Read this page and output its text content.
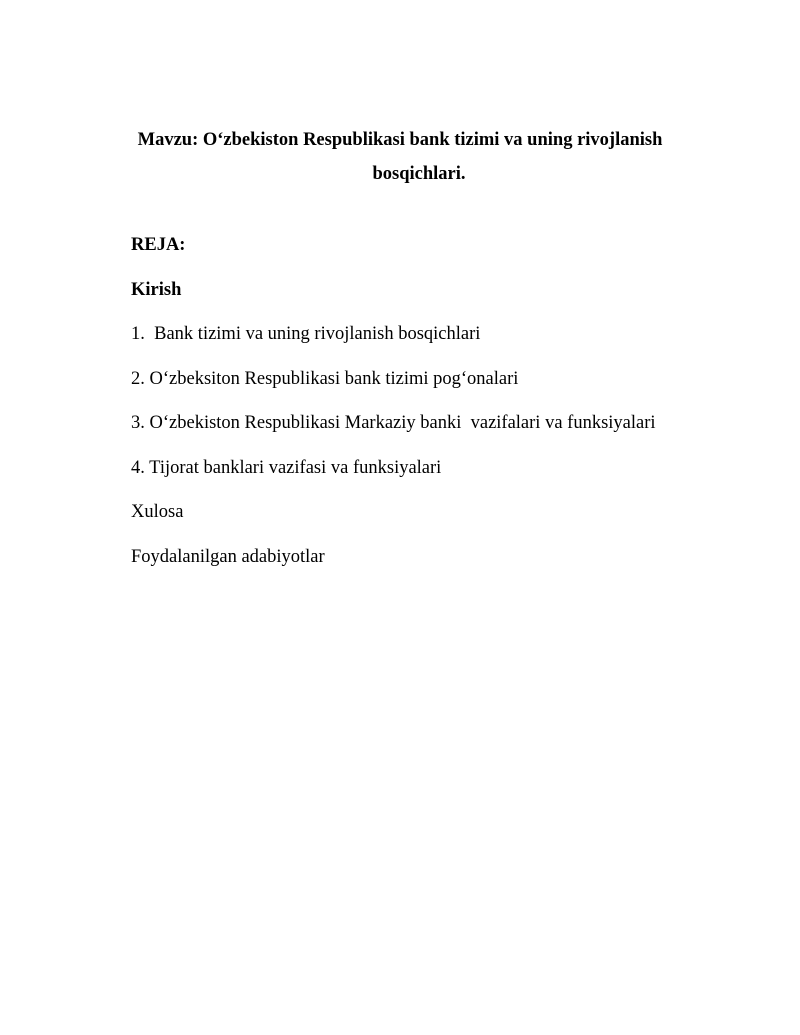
Mavzu: O‘zbekiston Respublikasi bank tizimi va uning rivojlanish
bosqichlari.
REJA:
Kirish
1.  Bank tizimi va uning rivojlanish bosqichlari
2. O‘zbeksiton Respublikasi bank tizimi pog‘onalari
3. O‘zbekiston Respublikasi Markaziy banki  vazifalari va funksiyalari
4. Tijorat banklari vazifasi va funksiyalari
Xulosa
Foydalanilgan adabiyotlar
